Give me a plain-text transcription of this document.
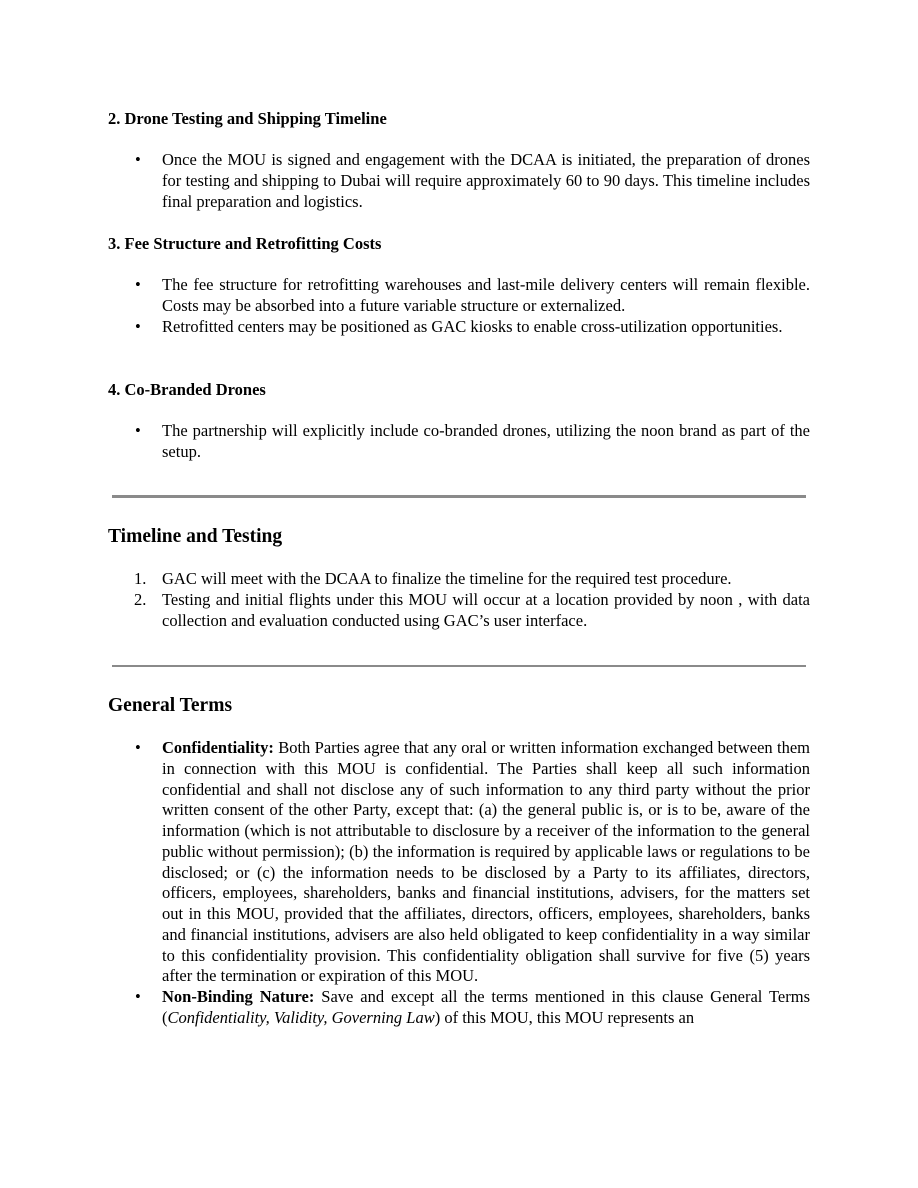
2. Drone Testing and Shipping Timeline
• Once the MOU is signed and engagement with the DCAA is initiated, the preparation of drones for testing and shipping to Dubai will require approximately 60 to 90 days. This timeline includes final preparation and logistics.
3. Fee Structure and Retrofitting Costs
• The fee structure for retrofitting warehouses and last-mile delivery centers will remain flexible. Costs may be absorbed into a future variable structure or externalized.
• Retrofitted centers may be positioned as GAC kiosks to enable cross-utilization opportunities.
4. Co-Branded Drones
• The partnership will explicitly include co-branded drones, utilizing the noon brand as part of the setup.
Timeline and Testing
1. GAC will meet with the DCAA to finalize the timeline for the required test procedure.
2. Testing and initial flights under this MOU will occur at a location provided by noon , with data collection and evaluation conducted using GAC’s user interface.
General Terms
• Confidentiality: Both Parties agree that any oral or written information exchanged between them in connection with this MOU is confidential. The Parties shall keep all such information confidential and shall not disclose any of such information to any third party without the prior written consent of the other Party, except that: (a) the general public is, or is to be, aware of the information (which is not attributable to disclosure by a receiver of the information to the general public without permission); (b) the information is required by applicable laws or regulations to be disclosed; or (c) the information needs to be disclosed by a Party to its affiliates, directors, officers, employees, shareholders, banks and financial institutions, advisers, for the matters set out in this MOU, provided that the affiliates, directors, officers, employees, shareholders, banks and financial institutions, advisers are also held obligated to keep confidentiality in a way similar to this confidentiality provision. This confidentiality obligation shall survive for five (5) years after the termination or expiration of this MOU.
• Non-Binding Nature: Save and except all the terms mentioned in this clause General Terms (Confidentiality, Validity, Governing Law) of this MOU, this MOU represents an
